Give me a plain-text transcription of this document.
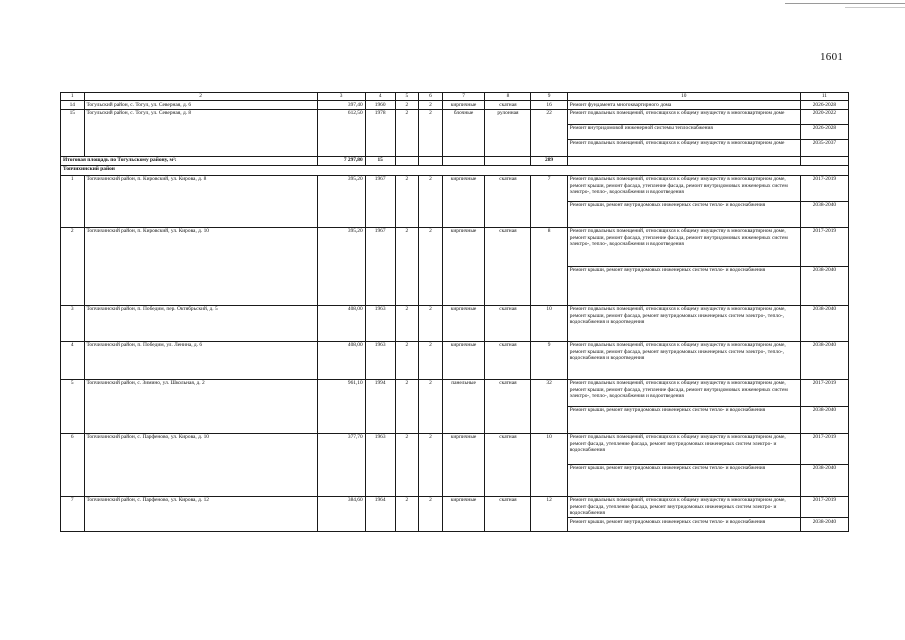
1601
1	2	3	4	5	6	7	8	9	10	11
14	Тогульский район, с. Тогул, ул. Северная, д. 6	397,40	1960	2	2	кирпичные	скатная	16	Ремонт фундамента многоквартирного дома	2026-2028
15	Тогульский район, с. Тогул, ул. Северная, д. 8	612,50	1978	2	2	блочные	рулонная	22	Ремонт подвальных помещений, относящихся к общему имуществу в многоквартирном доме	2020-2022
									Ремонт внутридомовой инженерной системы теплоснабжения	2026-2028
									Ремонт подвальных помещений, относящихся к общему имуществу в многоквартирном доме	2035-2037
Итоговая площадь по Тогульскому району, м²:		7 297,80	15					289		
Топчихинский район										
1	Топчихинский район, п. Кировский, ул. Кирова, д. 8	395,20	1967	2	2	кирпичные	скатная	7	Ремонт подвальных помещений, относящихся к общему имуществу в многоквартирном доме, ремонт крыши, ремонт фасада, утепление фасада, ремонт внутридомовых инженерных систем электро-, тепло-, водоснабжения и водоотведения	2017-2019
									Ремонт крыши, ремонт внутридомовых инженерных систем тепло- и водоснабжения	2038-2040
2	Топчихинский район, п. Кировский, ул. Кирова, д. 10	395,20	1967	2	2	кирпичные	скатная	8	Ремонт подвальных помещений, относящихся к общему имуществу в многоквартирном доме, ремонт крыши, ремонт фасада, утепление фасада, ремонт внутридомовых инженерных систем электро-, тепло-, водоснабжения и водоотведения	2017-2019
									Ремонт крыши, ремонт внутридомовых инженерных систем тепло- и водоснабжения	2038-2040
3	Топчихинский район, п. Победим, пер. Октябрьский, д. 5	408,00	1963	2	2	кирпичные	скатная	10	Ремонт подвальных помещений, относящихся к общему имуществу в многоквартирном доме, ремонт крыши, ремонт фасада, ремонт внутридомовых инженерных систем электро-, тепло-, водоснабжения и водоотведения	2038-2040
4	Топчихинский район, п. Победим, ул. Ленина, д. 6	408,00	1963	2	2	кирпичные	скатная	9	Ремонт подвальных помещений, относящихся к общему имуществу в многоквартирном доме, ремонт крыши, ремонт фасада, ремонт внутридомовых инженерных систем электро-, тепло-, водоснабжения и водоотведения	2038-2040
5	Топчихинский район, с. Зимино, ул. Школьная, д. 2	961,10	1994	2	2	панельные	скатная	32	Ремонт подвальных помещений, относящихся к общему имуществу в многоквартирном доме, ремонт крыши, ремонт фасада, утепление фасада, ремонт внутридомовых инженерных систем электро-, тепло-, водоснабжения и водоотведения	2017-2019
									Ремонт крыши, ремонт внутридомовых инженерных систем тепло- и водоснабжения	2038-2040
6	Топчихинский район, с. Парфеново, ул. Кирова, д. 10	377,70	1963	2	2	кирпичные	скатная	10	Ремонт подвальных помещений, относящихся к общему имуществу в многоквартирном доме, ремонт фасада, утепление фасада, ремонт внутридомовых инженерных систем электро- и водоснабжения	2017-2019
									Ремонт крыши, ремонт внутридомовых инженерных систем тепло- и водоснабжения	2038-2040
7	Топчихинский район, с. Парфеново, ул. Кирова, д. 12	384,60	1964	2	2	кирпичные	скатная	12	Ремонт подвальных помещений, относящихся к общему имуществу в многоквартирном доме, ремонт фасада, утепление фасада, ремонт внутридомовых инженерных систем электро- и водоснабжения	2017-2019
									Ремонт крыши, ремонт внутридомовых инженерных систем тепло- и водоснабжения	2038-2040
